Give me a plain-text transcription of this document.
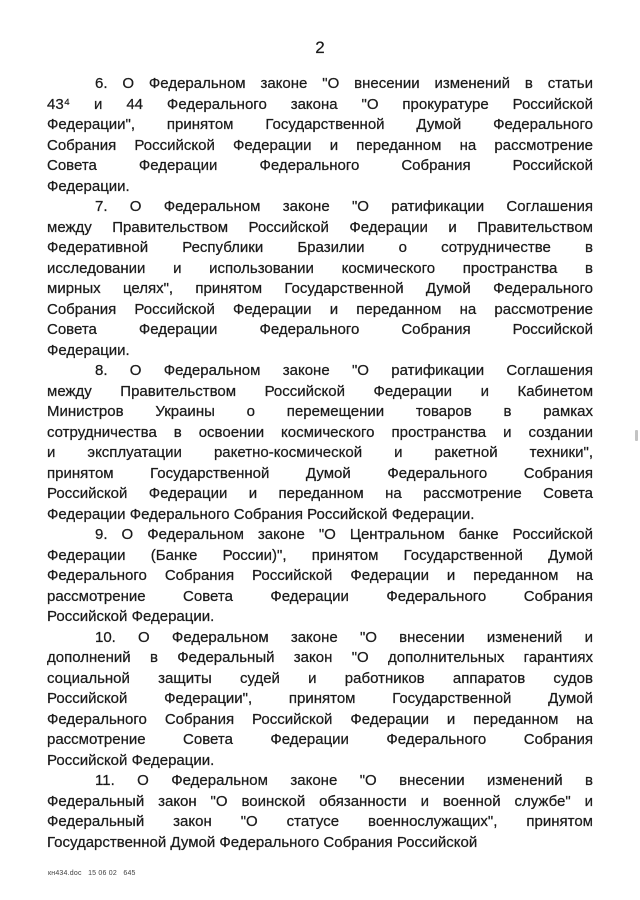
2
6. О Федеральном законе "О внесении изменений в статьи
43⁴ и 44 Федерального закона "О прокуратуре Российской
Федерации", принятом Государственной Думой Федерального
Собрания Российской Федерации и переданном на рассмотрение
Совета Федерации Федерального Собрания Российской
Федерации.
7. О Федеральном законе "О ратификации Соглашения
между Правительством Российской Федерации и Правительством
Федеративной Республики Бразилии о сотрудничестве в
исследовании и использовании космического пространства в
мирных целях", принятом Государственной Думой Федерального
Собрания Российской Федерации и переданном на рассмотрение
Совета Федерации Федерального Собрания Российской
Федерации.
8. О Федеральном законе "О ратификации Соглашения
между Правительством Российской Федерации и Кабинетом
Министров Украины о перемещении товаров в рамках
сотрудничества в освоении космического пространства и создании
и эксплуатации ракетно-космической и ракетной техники",
принятом Государственной Думой Федерального Собрания
Российской Федерации и переданном на рассмотрение Совета
Федерации Федерального Собрания Российской Федерации.
9. О Федеральном законе "О Центральном банке Российской
Федерации (Банке России)", принятом Государственной Думой
Федерального Собрания Российской Федерации и переданном на
рассмотрение Совета Федерации Федерального Собрания
Российской Федерации.
10. О Федеральном законе "О внесении изменений и
дополнений в Федеральный закон "О дополнительных гарантиях
социальной защиты судей и работников аппаратов судов
Российской Федерации", принятом Государственной Думой
Федерального Собрания Российской Федерации и переданном на
рассмотрение Совета Федерации Федерального Собрания
Российской Федерации.
11. О Федеральном законе "О внесении изменений в
Федеральный закон "О воинской обязанности и военной службе" и
Федеральный закон "О статусе военнослужащих", принятом
Государственной Думой Федерального Собрания Российской
кн434.doc   15 06 02   645
